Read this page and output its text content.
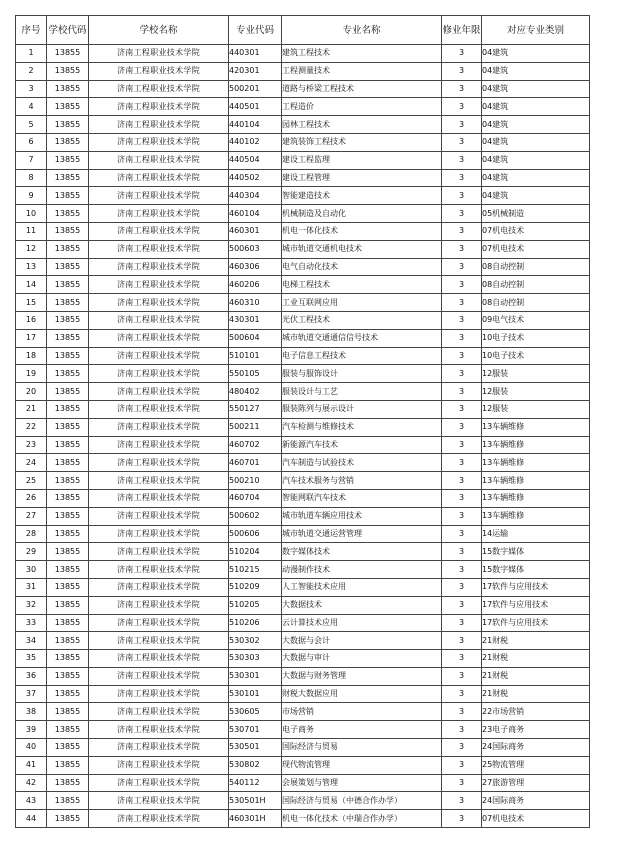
序号	学校代码	学校名称	专业代码	专业名称	修业年限	对应专业类别
1	13855	济南工程职业技术学院	440301	建筑工程技术	3	04建筑
2	13855	济南工程职业技术学院	420301	工程测量技术	3	04建筑
3	13855	济南工程职业技术学院	500201	道路与桥梁工程技术	3	04建筑
4	13855	济南工程职业技术学院	440501	工程造价	3	04建筑
5	13855	济南工程职业技术学院	440104	园林工程技术	3	04建筑
6	13855	济南工程职业技术学院	440102	建筑装饰工程技术	3	04建筑
7	13855	济南工程职业技术学院	440504	建设工程监理	3	04建筑
8	13855	济南工程职业技术学院	440502	建设工程管理	3	04建筑
9	13855	济南工程职业技术学院	440304	智能建造技术	3	04建筑
10	13855	济南工程职业技术学院	460104	机械制造及自动化	3	05机械制造
11	13855	济南工程职业技术学院	460301	机电一体化技术	3	07机电技术
12	13855	济南工程职业技术学院	500603	城市轨道交通机电技术	3	07机电技术
13	13855	济南工程职业技术学院	460306	电气自动化技术	3	08自动控制
14	13855	济南工程职业技术学院	460206	电梯工程技术	3	08自动控制
15	13855	济南工程职业技术学院	460310	工业互联网应用	3	08自动控制
16	13855	济南工程职业技术学院	430301	光伏工程技术	3	09电气技术
17	13855	济南工程职业技术学院	500604	城市轨道交通通信信号技术	3	10电子技术
18	13855	济南工程职业技术学院	510101	电子信息工程技术	3	10电子技术
19	13855	济南工程职业技术学院	550105	服装与服饰设计	3	12服装
20	13855	济南工程职业技术学院	480402	服装设计与工艺	3	12服装
21	13855	济南工程职业技术学院	550127	服装陈列与展示设计	3	12服装
22	13855	济南工程职业技术学院	500211	汽车检测与维修技术	3	13车辆维修
23	13855	济南工程职业技术学院	460702	新能源汽车技术	3	13车辆维修
24	13855	济南工程职业技术学院	460701	汽车制造与试验技术	3	13车辆维修
25	13855	济南工程职业技术学院	500210	汽车技术服务与营销	3	13车辆维修
26	13855	济南工程职业技术学院	460704	智能网联汽车技术	3	13车辆维修
27	13855	济南工程职业技术学院	500602	城市轨道车辆应用技术	3	13车辆维修
28	13855	济南工程职业技术学院	500606	城市轨道交通运营管理	3	14运输
29	13855	济南工程职业技术学院	510204	数字媒体技术	3	15数字媒体
30	13855	济南工程职业技术学院	510215	动漫制作技术	3	15数字媒体
31	13855	济南工程职业技术学院	510209	人工智能技术应用	3	17软件与应用技术
32	13855	济南工程职业技术学院	510205	大数据技术	3	17软件与应用技术
33	13855	济南工程职业技术学院	510206	云计算技术应用	3	17软件与应用技术
34	13855	济南工程职业技术学院	530302	大数据与会计	3	21财税
35	13855	济南工程职业技术学院	530303	大数据与审计	3	21财税
36	13855	济南工程职业技术学院	530301	大数据与财务管理	3	21财税
37	13855	济南工程职业技术学院	530101	财税大数据应用	3	21财税
38	13855	济南工程职业技术学院	530605	市场营销	3	22市场营销
39	13855	济南工程职业技术学院	530701	电子商务	3	23电子商务
40	13855	济南工程职业技术学院	530501	国际经济与贸易	3	24国际商务
41	13855	济南工程职业技术学院	530802	现代物流管理	3	25物流管理
42	13855	济南工程职业技术学院	540112	会展策划与管理	3	27旅游管理
43	13855	济南工程职业技术学院	530501H	国际经济与贸易（中德合作办学）	3	24国际商务
44	13855	济南工程职业技术学院	460301H	机电一体化技术（中瑞合作办学）	3	07机电技术
